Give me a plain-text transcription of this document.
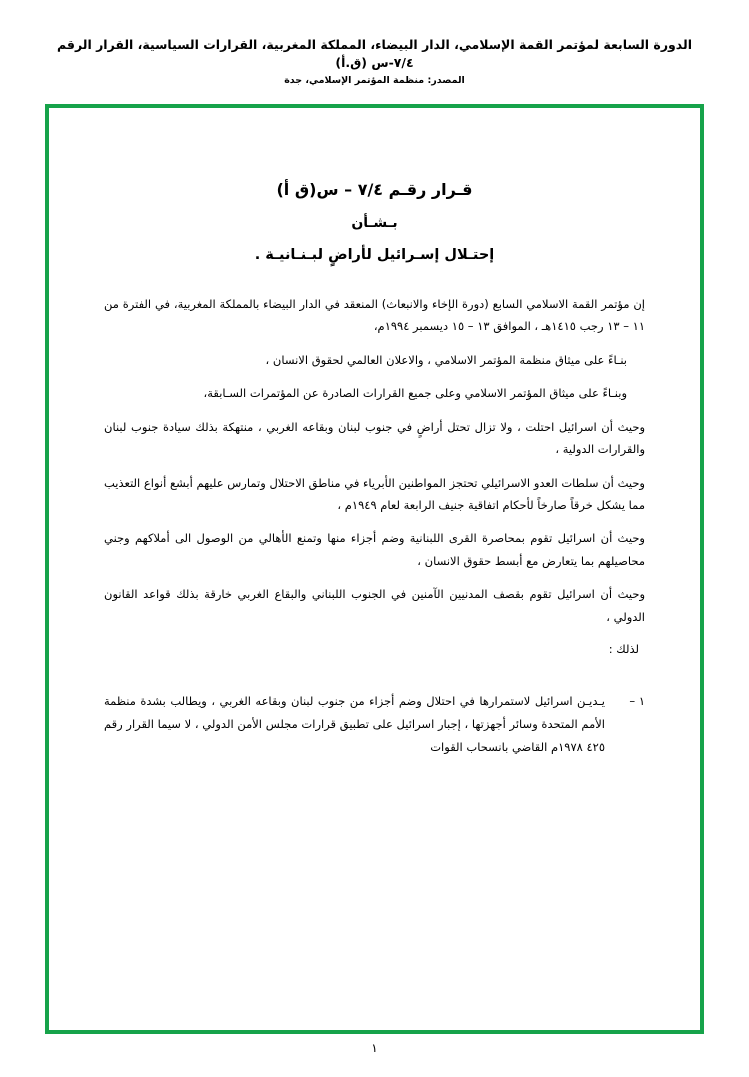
الدورة السابعة لمؤتمر القمة الإسلامي، الدار البيضاء، المملكة المغربية، القرارات السياسية، القرار الرقم ٧/٤-س (ق.أ)
المصدر: منظمة المؤتمر الإسلامي، جدة
قـرار رقـم ٧/٤ – س(ق أ)
بـشـأن
إحتـلال إسـرائيل لأراضٍ لبـنـانيـة .

إن مؤتمر القمة الاسلامي السابع (دورة الإخاء والانبعاث) المنعقد في الدار البيضاء بالمملكة المغربية، في الفترة من ١١ – ١٣ رجب ١٤١٥هـ ، الموافق ١٣ – ١٥ ديسمبر ١٩٩٤م،

بنـاءً على ميثاق منظمة المؤتمر الاسلامي ، والاعلان العالمي لحقوق الانسان ،

وبنـاءً على ميثاق المؤتمر الاسلامي وعلى جميع القرارات الصادرة عن المؤتمرات السـابقة،

وحيث أن اسرائيل احتلت ، ولا تزال تحتل أراضٍ في جنوب لبنان وبقاعه الغربي ، منتهكة بذلك سيادة جنوب لبنان والقرارات الدولية ،

وحيث أن سلطات العدو الاسرائيلي تحتجز المواطنين الأبرياء في مناطق الاحتلال وتمارس عليهم أبشع أنواع التعذيب مما يشكل خرقاً صارخاً لأحكام اتفاقية جنيف الرابعة لعام ١٩٤٩م ،

وحيث أن اسرائيل تقوم بمحاصرة القرى اللبنانية وضم أجزاء منها وتمنع الأهالي من الوصول الى أملاكهم وجني محاصيلهم بما يتعارض مع أبسط حقوق الانسان ،

وحيث أن اسرائيل تقوم بقصف المدنيين الآمنين في الجنوب اللبناني والبقاع الغربي خارقة بذلك قواعد القانون الدولي ،

لذلك :

١ –
يـديـن اسرائيل لاستمرارها في احتلال وضم أجزاء من جنوب لبنان وبقاعه الغربي ، ويطالب بشدة منظمة الأمم المتحدة وسائر أجهزتها ، إجبار اسرائيل على تطبيق قرارات مجلس الأمن الدولي ، لا سيما القرار رقم ٤٢٥ ١٩٧٨م القاضي بانسحاب القوات
١
